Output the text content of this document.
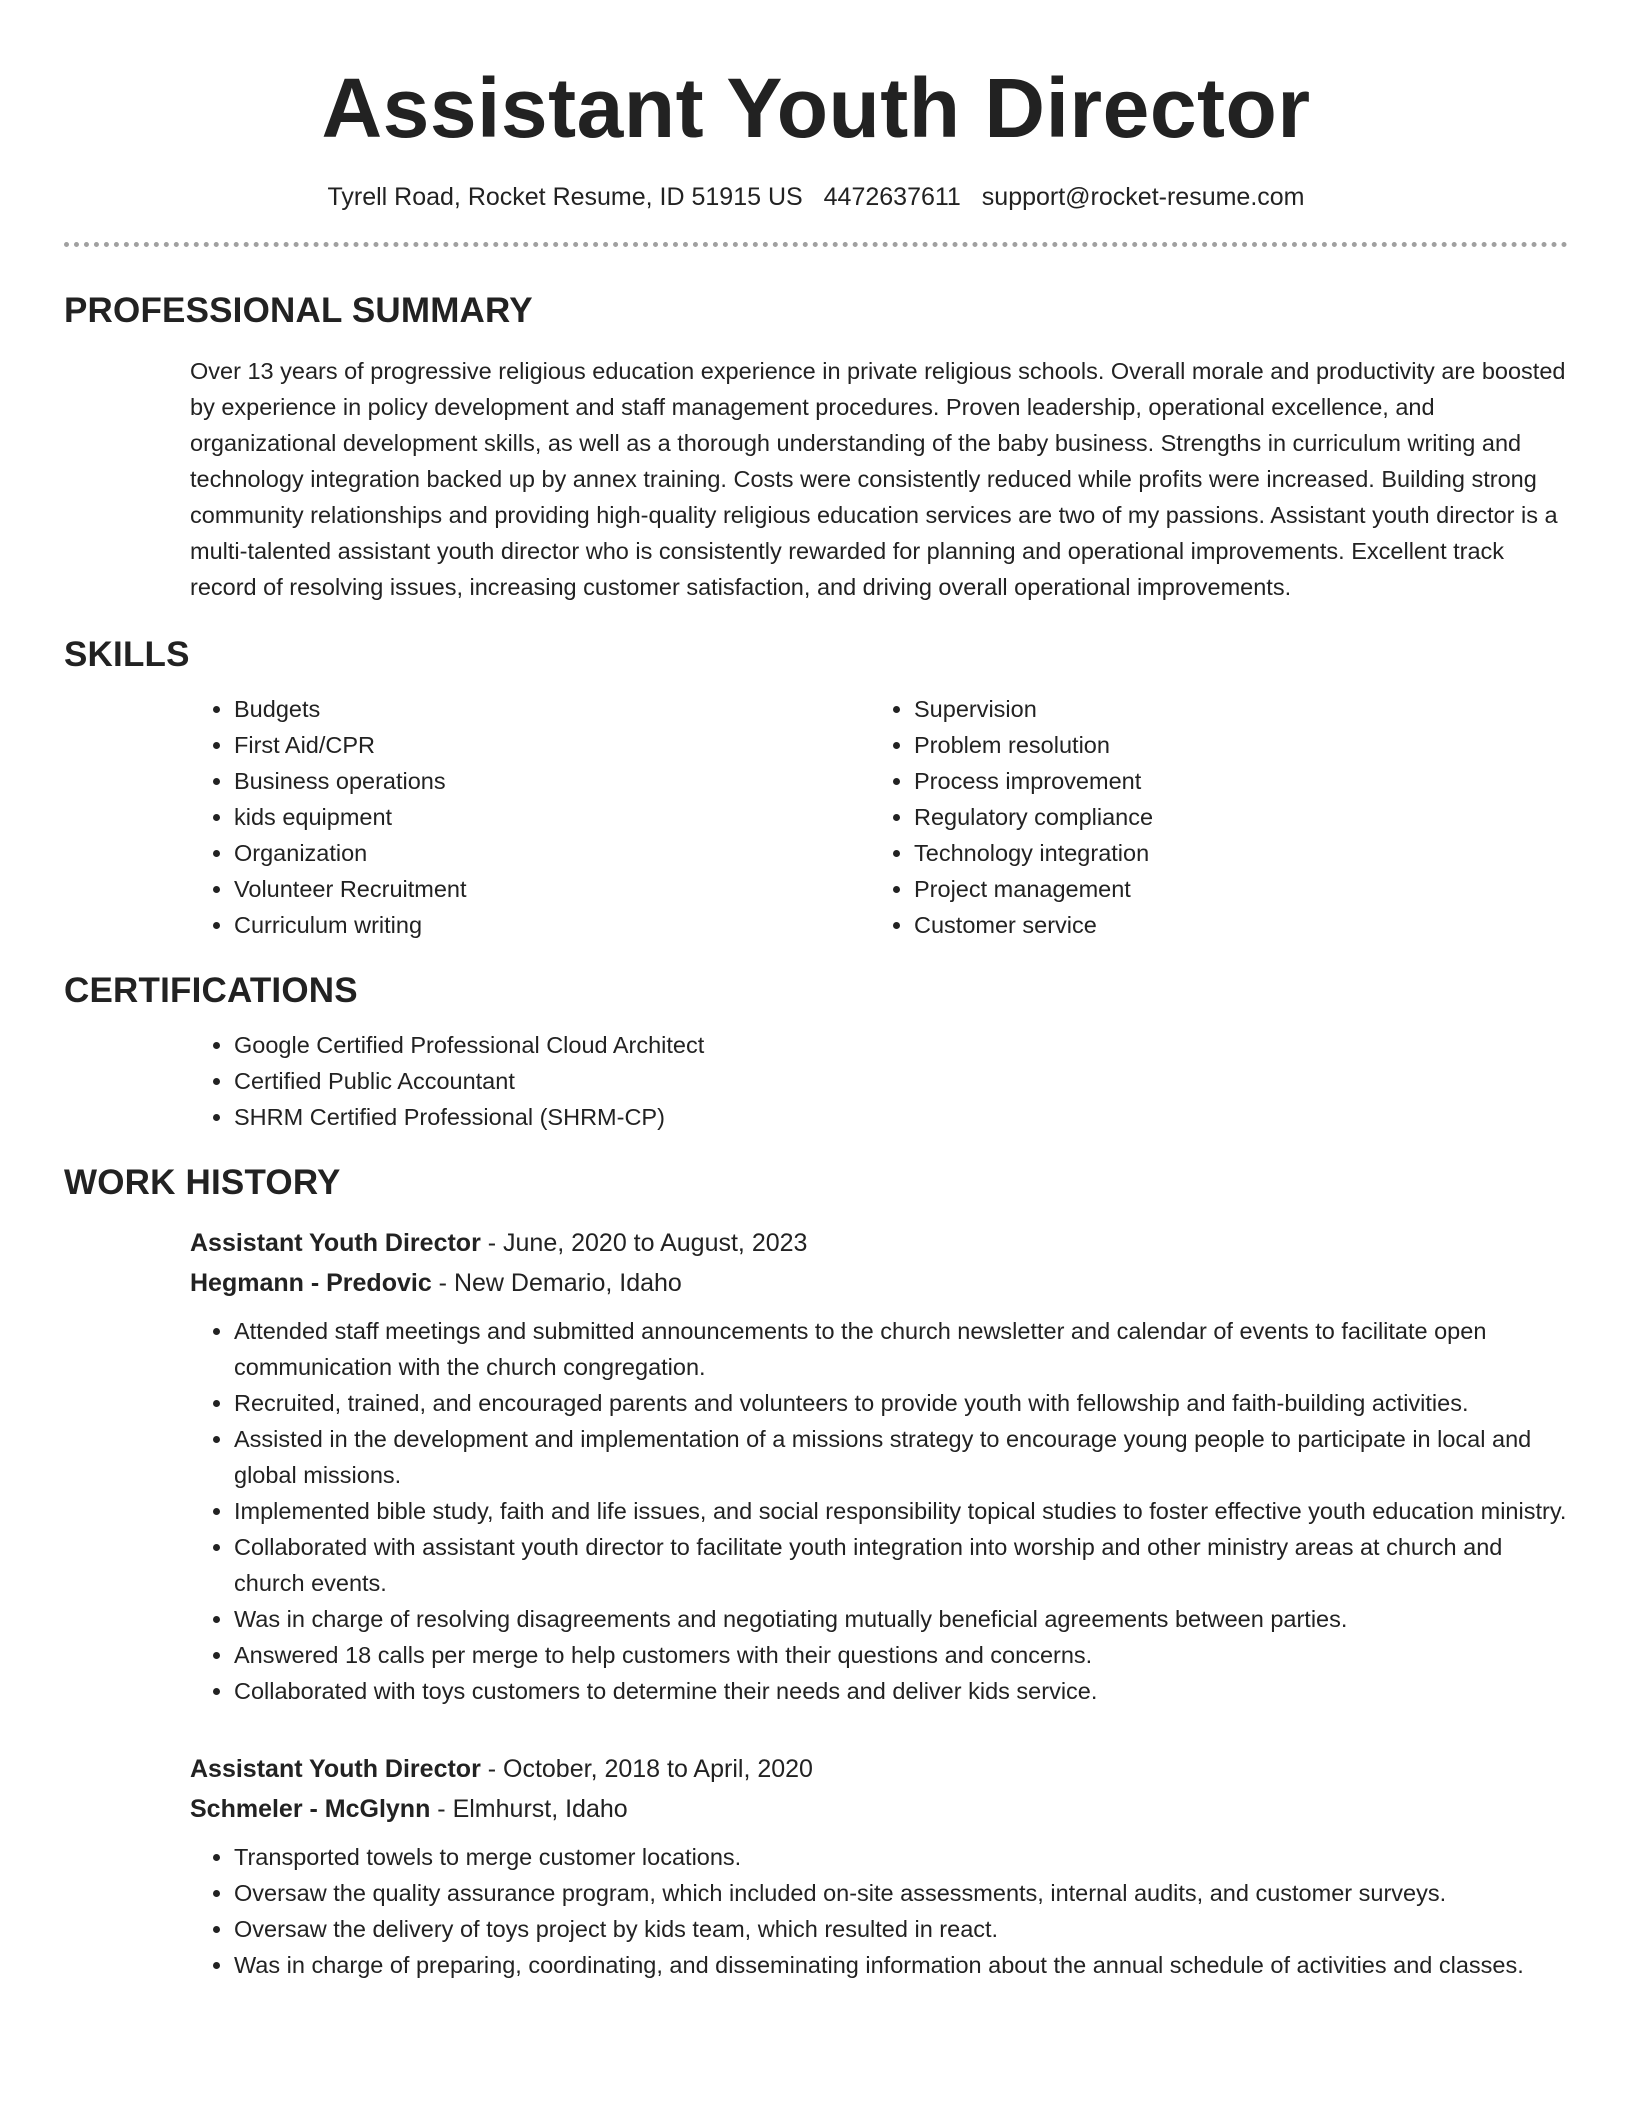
Assistant Youth Director
Tyrell Road, Rocket Resume, ID 51915 US 4472637611 support@rocket-resume.com
PROFESSIONAL SUMMARY
Over 13 years of progressive religious education experience in private religious schools. Overall morale and productivity are boosted by experience in policy development and staff management procedures. Proven leadership, operational excellence, and organizational development skills, as well as a thorough understanding of the baby business. Strengths in curriculum writing and technology integration backed up by annex training. Costs were consistently reduced while profits were increased. Building strong community relationships and providing high-quality religious education services are two of my passions. Assistant youth director is a multi-talented assistant youth director who is consistently rewarded for planning and operational improvements. Excellent track record of resolving issues, increasing customer satisfaction, and driving overall operational improvements.
SKILLS
• Budgets
• First Aid/CPR
• Business operations
• kids equipment
• Organization
• Volunteer Recruitment
• Curriculum writing
• Supervision
• Problem resolution
• Process improvement
• Regulatory compliance
• Technology integration
• Project management
• Customer service
CERTIFICATIONS
• Google Certified Professional Cloud Architect
• Certified Public Accountant
• SHRM Certified Professional (SHRM-CP)
WORK HISTORY
Assistant Youth Director - June, 2020 to August, 2023
Hegmann - Predovic - New Demario, Idaho
• Attended staff meetings and submitted announcements to the church newsletter and calendar of events to facilitate open communication with the church congregation.
• Recruited, trained, and encouraged parents and volunteers to provide youth with fellowship and faith-building activities.
• Assisted in the development and implementation of a missions strategy to encourage young people to participate in local and global missions.
• Implemented bible study, faith and life issues, and social responsibility topical studies to foster effective youth education ministry.
• Collaborated with assistant youth director to facilitate youth integration into worship and other ministry areas at church and church events.
• Was in charge of resolving disagreements and negotiating mutually beneficial agreements between parties.
• Answered 18 calls per merge to help customers with their questions and concerns.
• Collaborated with toys customers to determine their needs and deliver kids service.
Assistant Youth Director - October, 2018 to April, 2020
Schmeler - McGlynn - Elmhurst, Idaho
• Transported towels to merge customer locations.
• Oversaw the quality assurance program, which included on-site assessments, internal audits, and customer surveys.
• Oversaw the delivery of toys project by kids team, which resulted in react.
• Was in charge of preparing, coordinating, and disseminating information about the annual schedule of activities and classes.
